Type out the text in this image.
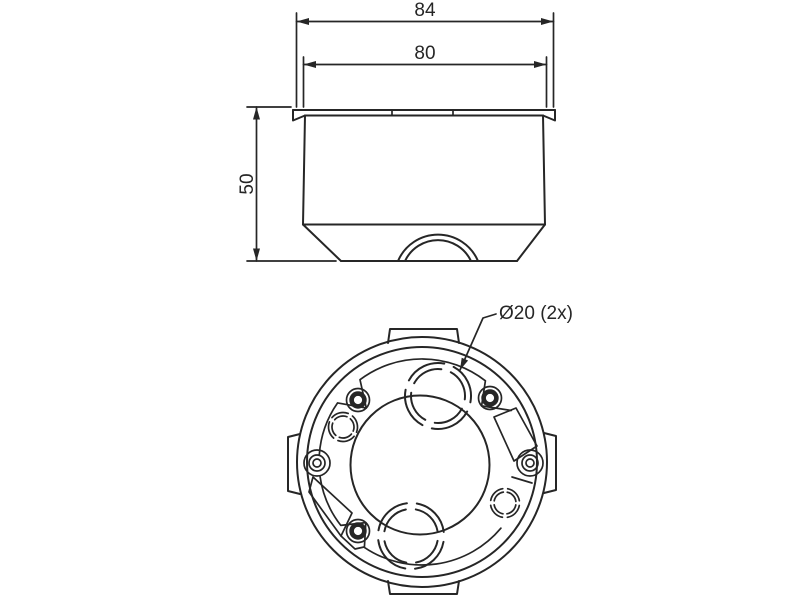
84
80
50
Ø20 (2x)
